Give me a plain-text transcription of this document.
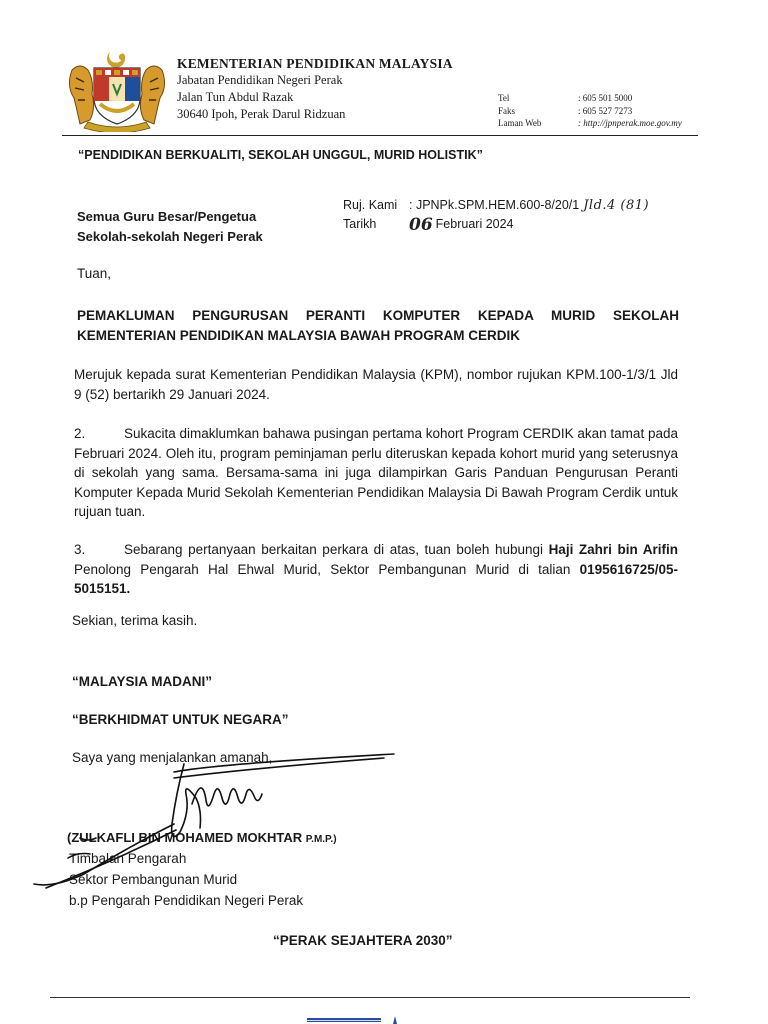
KEMENTERIAN PENDIDIKAN MALAYSIA
Jabatan Pendidikan Negeri Perak
Jalan Tun Abdul Razak
30640 Ipoh, Perak Darul Ridzuan
Tel	: 605 501 5000
Faks	: 605 527 7273
Laman Web	: http://jpnperak.moe.gov.my
“PENDIDIKAN BERKUALITI, SEKOLAH UNGGUL, MURID HOLISTIK”
Ruj. Kami : JPNPk.SPM.HEM.600-8/20/1 Jld.4 (81)
Tarikh	06 Februari 2024
Semua Guru Besar/Pengetua
Sekolah-sekolah Negeri Perak
Tuan,
PEMAKLUMAN PENGURUSAN PERANTI KOMPUTER KEPADA MURID SEKOLAH
KEMENTERIAN PENDIDIKAN MALAYSIA BAWAH PROGRAM CERDIK
Merujuk kepada surat Kementerian Pendidikan Malaysia (KPM), nombor rujukan KPM.100-1/3/1 Jld 9 (52) bertarikh 29 Januari 2024.
2.	Sukacita dimaklumkan bahawa pusingan pertama kohort Program CERDIK akan tamat pada Februari 2024. Oleh itu, program peminjaman perlu diteruskan kepada kohort murid yang seterusnya di sekolah yang sama. Bersama-sama ini juga dilampirkan Garis Panduan Pengurusan Peranti Komputer Kepada Murid Sekolah Kementerian Pendidikan Malaysia Di Bawah Program Cerdik untuk rujuan tuan.
3.	Sebarang pertanyaan berkaitan perkara di atas, tuan boleh hubungi Haji Zahri bin Arifin Penolong Pengarah Hal Ehwal Murid, Sektor Pembangunan Murid di talian 0195616725/05-5015151.
Sekian, terima kasih.
“MALAYSIA MADANI”
“BERKHIDMAT UNTUK NEGARA”
Saya yang menjalankan amanah,
(ZULKAFLI BIN MOHAMED MOKHTAR P.M.P.)
Timbalan Pengarah
Sektor Pembangunan Murid
b.p Pengarah Pendidikan Negeri Perak
“PERAK SEJAHTERA 2030”
